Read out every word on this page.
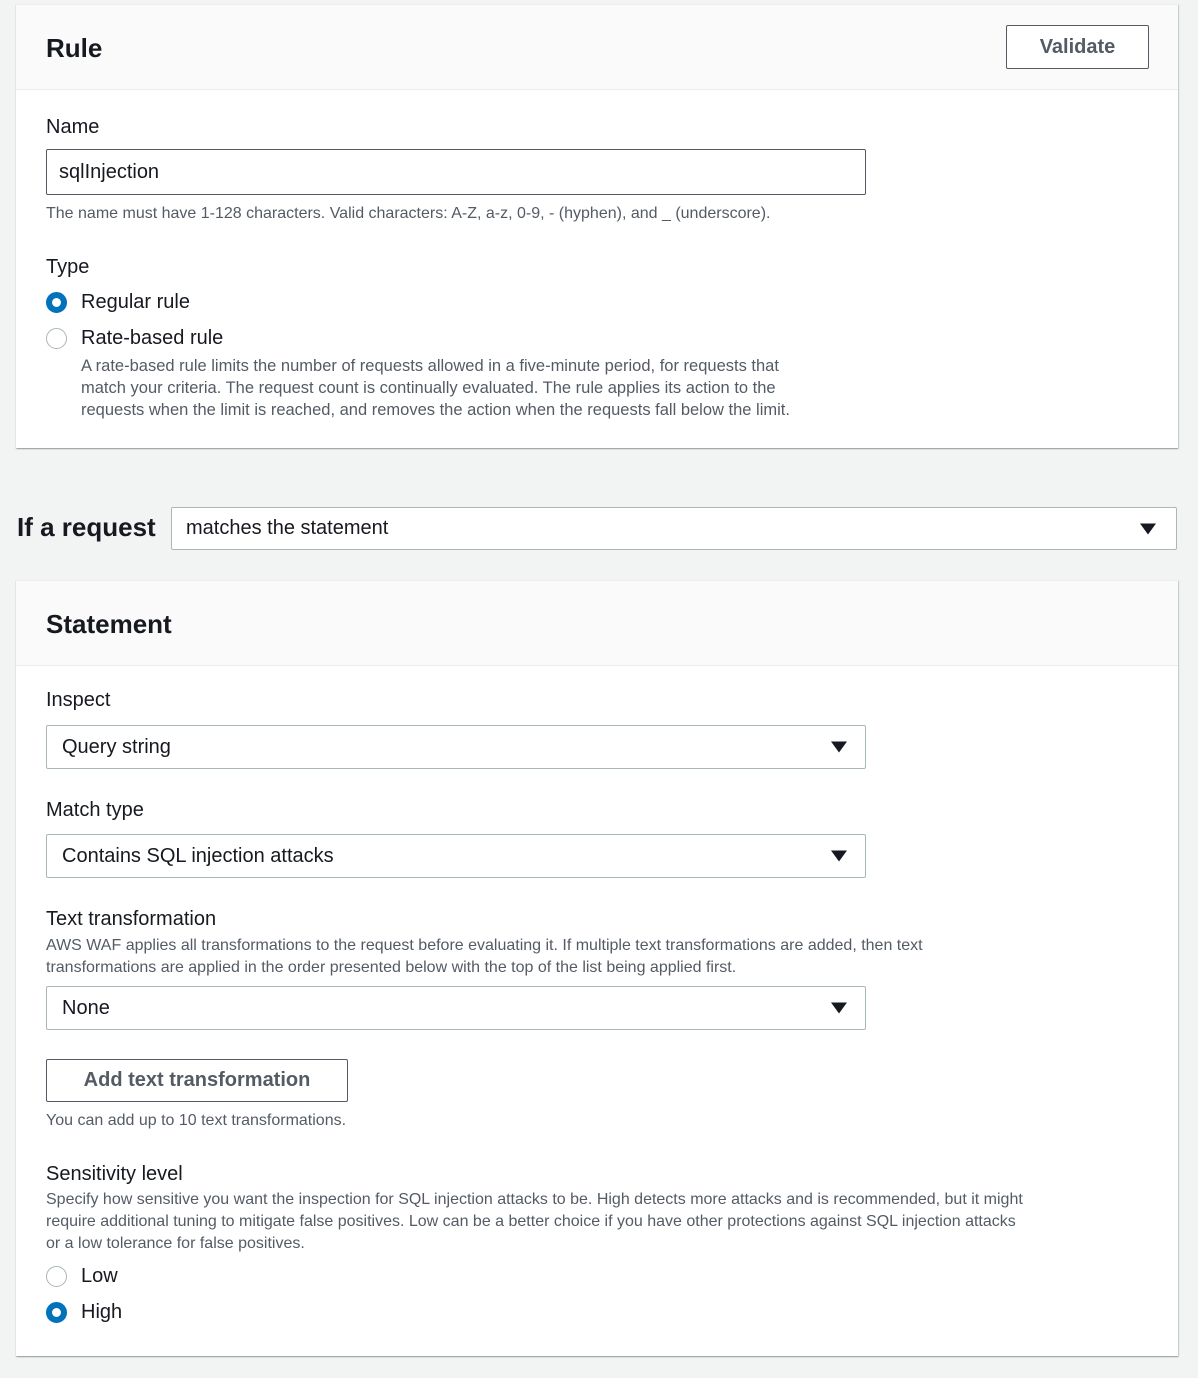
Rule	Validate
Name
sqlInjection
The name must have 1-128 characters. Valid characters: A-Z, a-z, 0-9, - (hyphen), and _ (underscore).
Type
Regular rule
Rate-based rule
A rate-based rule limits the number of requests allowed in a five-minute period, for requests that
match your criteria. The request count is continually evaluated. The rule applies its action to the
requests when the limit is reached, and removes the action when the requests fall below the limit.
If a request matches the statement
Statement
Inspect
Query string
Match type
Contains SQL injection attacks
Text transformation
AWS WAF applies all transformations to the request before evaluating it. If multiple text transformations are added, then text
transformations are applied in the order presented below with the top of the list being applied first.
None
Add text transformation
You can add up to 10 text transformations.
Sensitivity level
Specify how sensitive you want the inspection for SQL injection attacks to be. High detects more attacks and is recommended, but it might
require additional tuning to mitigate false positives. Low can be a better choice if you have other protections against SQL injection attacks
or a low tolerance for false positives.
Low
High
